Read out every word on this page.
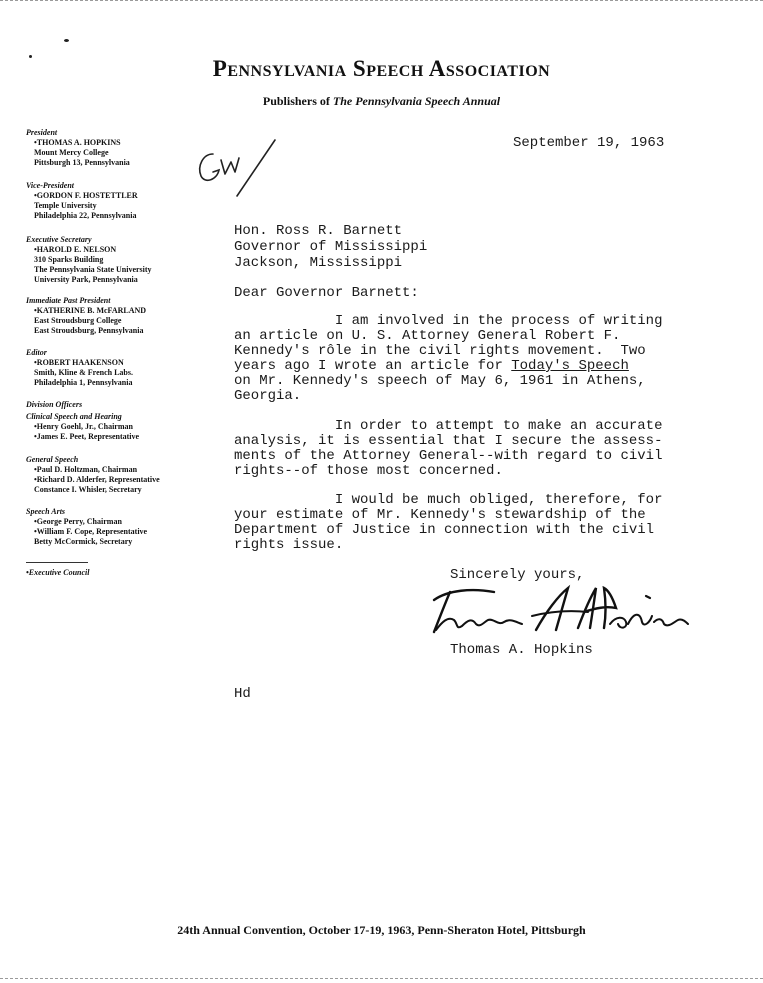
Pennsylvania Speech Association
Publishers of The Pennsylvania Speech Annual
President
•THOMAS A. HOPKINS
Mount Mercy College
Pittsburgh 13, Pennsylvania
Vice-President
•GORDON F. HOSTETTLER
Temple University
Philadelphia 22, Pennsylvania
Executive Secretary
•HAROLD E. NELSON
310 Sparks Building
The Pennsylvania State University
University Park, Pennsylvania
Immediate Past President
•KATHERINE B. McFARLAND
East Stroudsburg College
East Stroudsburg, Pennsylvania
Editor
•ROBERT HAAKENSON
Smith, Kline & French Labs.
Philadelphia 1, Pennsylvania
Division Officers
Clinical Speech and Hearing
•Henry Goehl, Jr., Chairman
•James E. Peet, Representative
General Speech
•Paul D. Holtzman, Chairman
•Richard D. Alderfer, Representative
Constance I. Whisler, Secretary
Speech Arts
•George Perry, Chairman
•William F. Cope, Representative
Betty McCormick, Secretary
•Executive Council
September 19, 1963
Hon. Ross R. Barnett
Governor of Mississippi
Jackson, Mississippi
Dear Governor Barnett:
I am involved in the process of writing
an article on U. S. Attorney General Robert F.
Kennedy's rôle in the civil rights movement.  Two
years ago I wrote an article for Today's Speech
on Mr. Kennedy's speech of May 6, 1961 in Athens,
Georgia.
In order to attempt to make an accurate
analysis, it is essential that I secure the assess-
ments of the Attorney General--with regard to civil
rights--of those most concerned.
I would be much obliged, therefore, for
your estimate of Mr. Kennedy's stewardship of the
Department of Justice in connection with the civil
rights issue.
Sincerely yours,
Thomas A. Hopkins
Hd
24th Annual Convention, October 17-19, 1963, Penn-Sheraton Hotel, Pittsburgh
